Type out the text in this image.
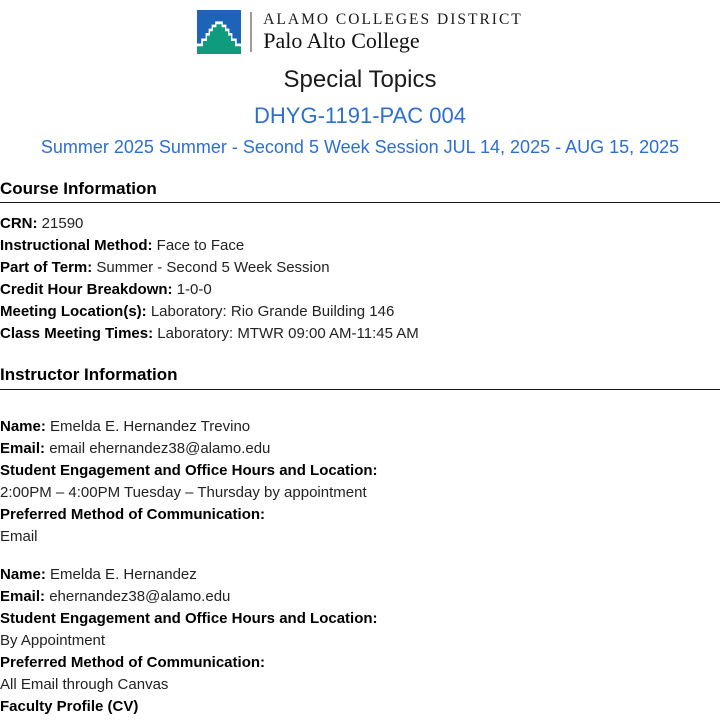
ALAMO COLLEGES DISTRICT
Palo Alto College
Special Topics
DHYG-1191-PAC 004
Summer 2025 Summer - Second 5 Week Session JUL 14, 2025 - AUG 15, 2025
Course Information
CRN: 21590
Instructional Method: Face to Face
Part of Term: Summer - Second 5 Week Session
Credit Hour Breakdown: 1-0-0
Meeting Location(s): Laboratory: Rio Grande Building 146
Class Meeting Times: Laboratory: MTWR 09:00 AM-11:45 AM
Instructor Information
Name: Emelda E. Hernandez Trevino
Email: email ehernandez38@alamo.edu
Student Engagement and Office Hours and Location:
2:00PM – 4:00PM Tuesday – Thursday by appointment
Preferred Method of Communication:
Email
Name: Emelda E. Hernandez
Email: ehernandez38@alamo.edu
Student Engagement and Office Hours and Location:
By Appointment
Preferred Method of Communication:
All Email through Canvas
Faculty Profile (CV)
